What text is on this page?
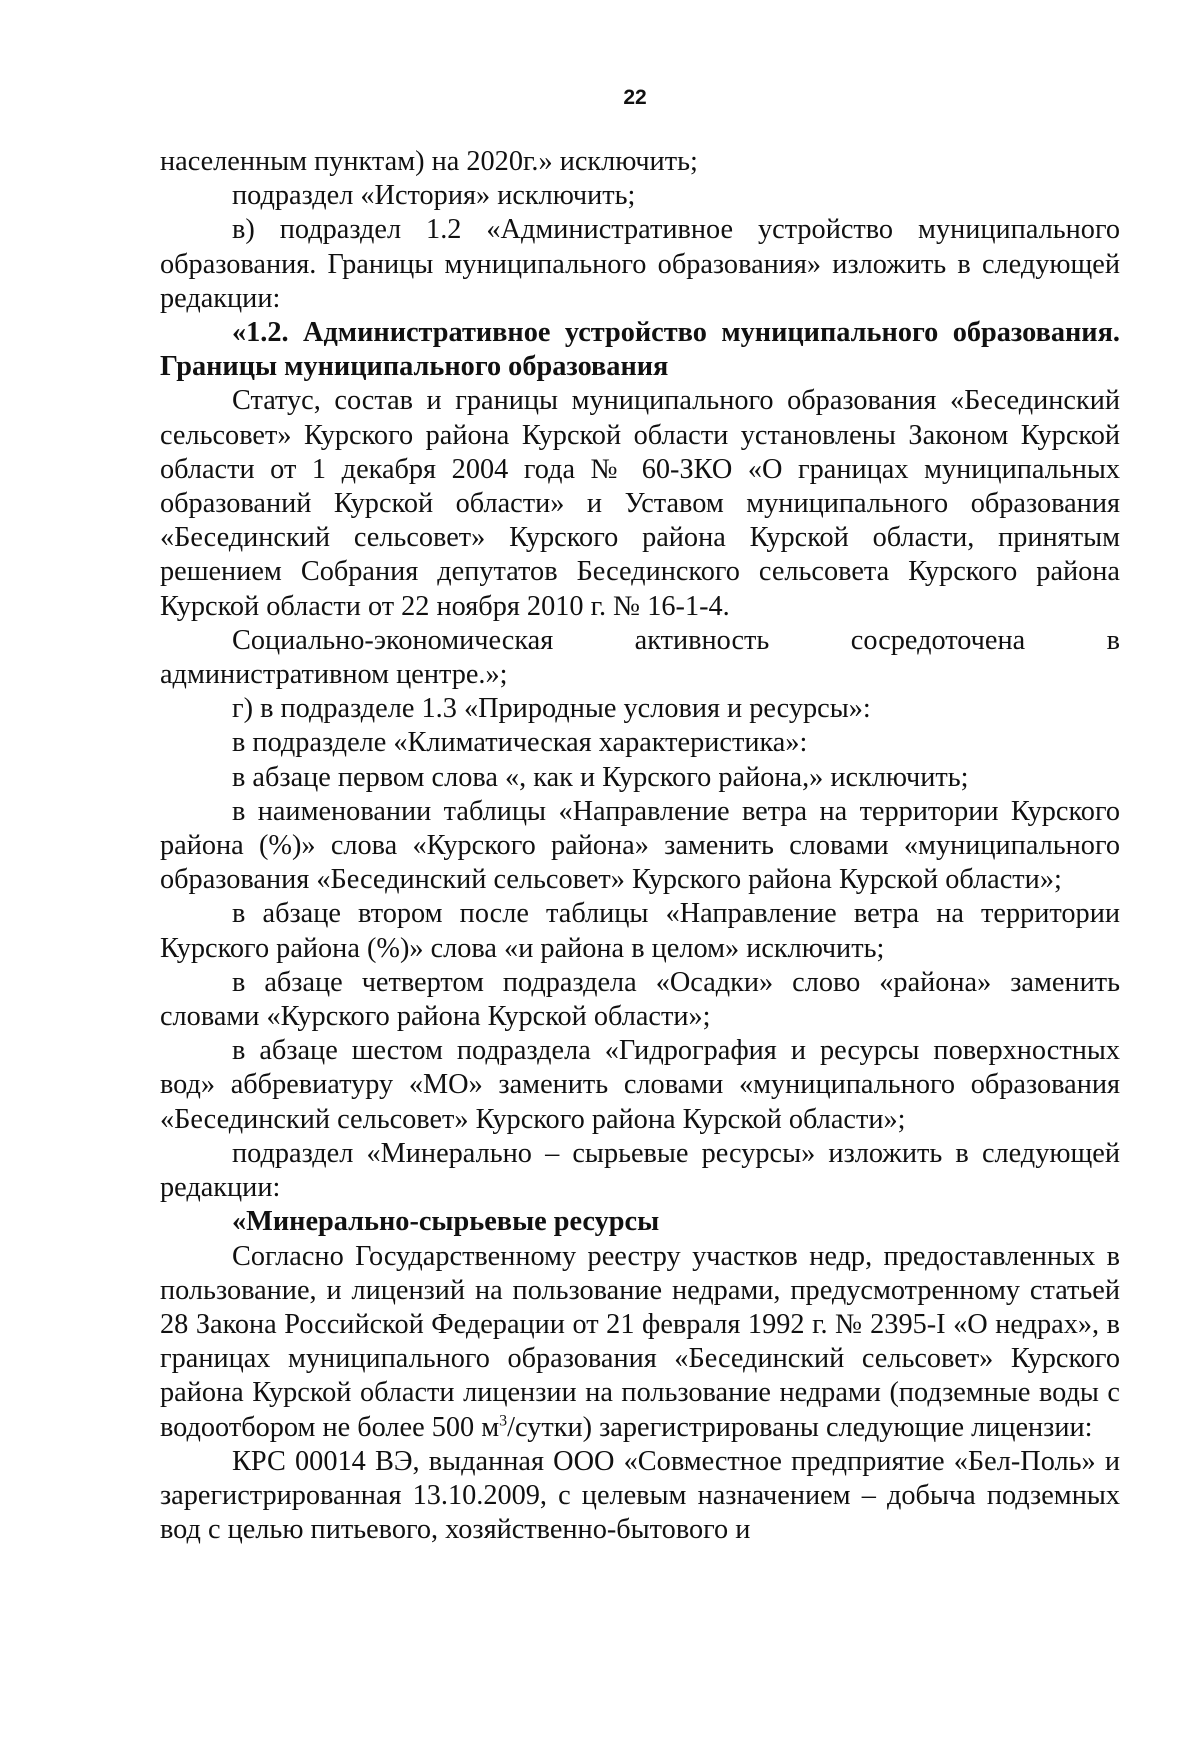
22

населенным пунктам) на 2020г.» исключить;

подраздел «История» исключить;

в) подраздел 1.2 «Административное устройство муниципального образования. Границы муниципального образования» изложить в следующей редакции:

«1.2. Административное устройство муниципального образования. Границы муниципального образования

Статус, состав и границы муниципального образования «Бесединский сельсовет» Курского района Курской области установлены Законом Курской области от 1 декабря 2004 года № 60-ЗКО «О границах муниципальных образований Курской области» и Уставом муниципального образования «Бесединский сельсовет» Курского района Курской области, принятым решением Собрания депутатов Бесединского сельсовета Курского района Курской области от 22 ноября 2010 г. № 16-1-4.

Социально-экономическая активность сосредоточена в административном центре.»;

г) в подразделе 1.3 «Природные условия и ресурсы»:

в подразделе «Климатическая характеристика»:

в абзаце первом слова «, как и Курского района,» исключить;

в наименовании таблицы «Направление ветра на территории Курского района (%)» слова «Курского района» заменить словами «муниципального образования «Бесединский сельсовет» Курского района Курской области»;

в абзаце втором после таблицы «Направление ветра на территории Курского района (%)» слова «и района в целом» исключить;

в абзаце четвертом подраздела «Осадки» слово «района» заменить словами «Курского района Курской области»;

в абзаце шестом подраздела «Гидрография и ресурсы поверхностных вод» аббревиатуру «МО» заменить словами «муниципального образования «Бесединский сельсовет» Курского района Курской области»;

подраздел «Минерально – сырьевые ресурсы» изложить в следующей редакции:

«Минерально-сырьевые ресурсы

Согласно Государственному реестру участков недр, предоставленных в пользование, и лицензий на пользование недрами, предусмотренному статьей 28 Закона Российской Федерации от 21 февраля 1992 г. № 2395-I «О недрах», в границах муниципального образования «Бесединский сельсовет» Курского района Курской области лицензии на пользование недрами (подземные воды с водоотбором не более 500 $м^3/сутки$) зарегистрированы следующие лицензии:

КРС 00014 ВЭ, выданная ООО «Совместное предприятие «Бел-Поль» и зарегистрированная 13.10.2009, с целевым назначением – добыча подземных вод с целью питьевого, хозяйственно-бытового и
